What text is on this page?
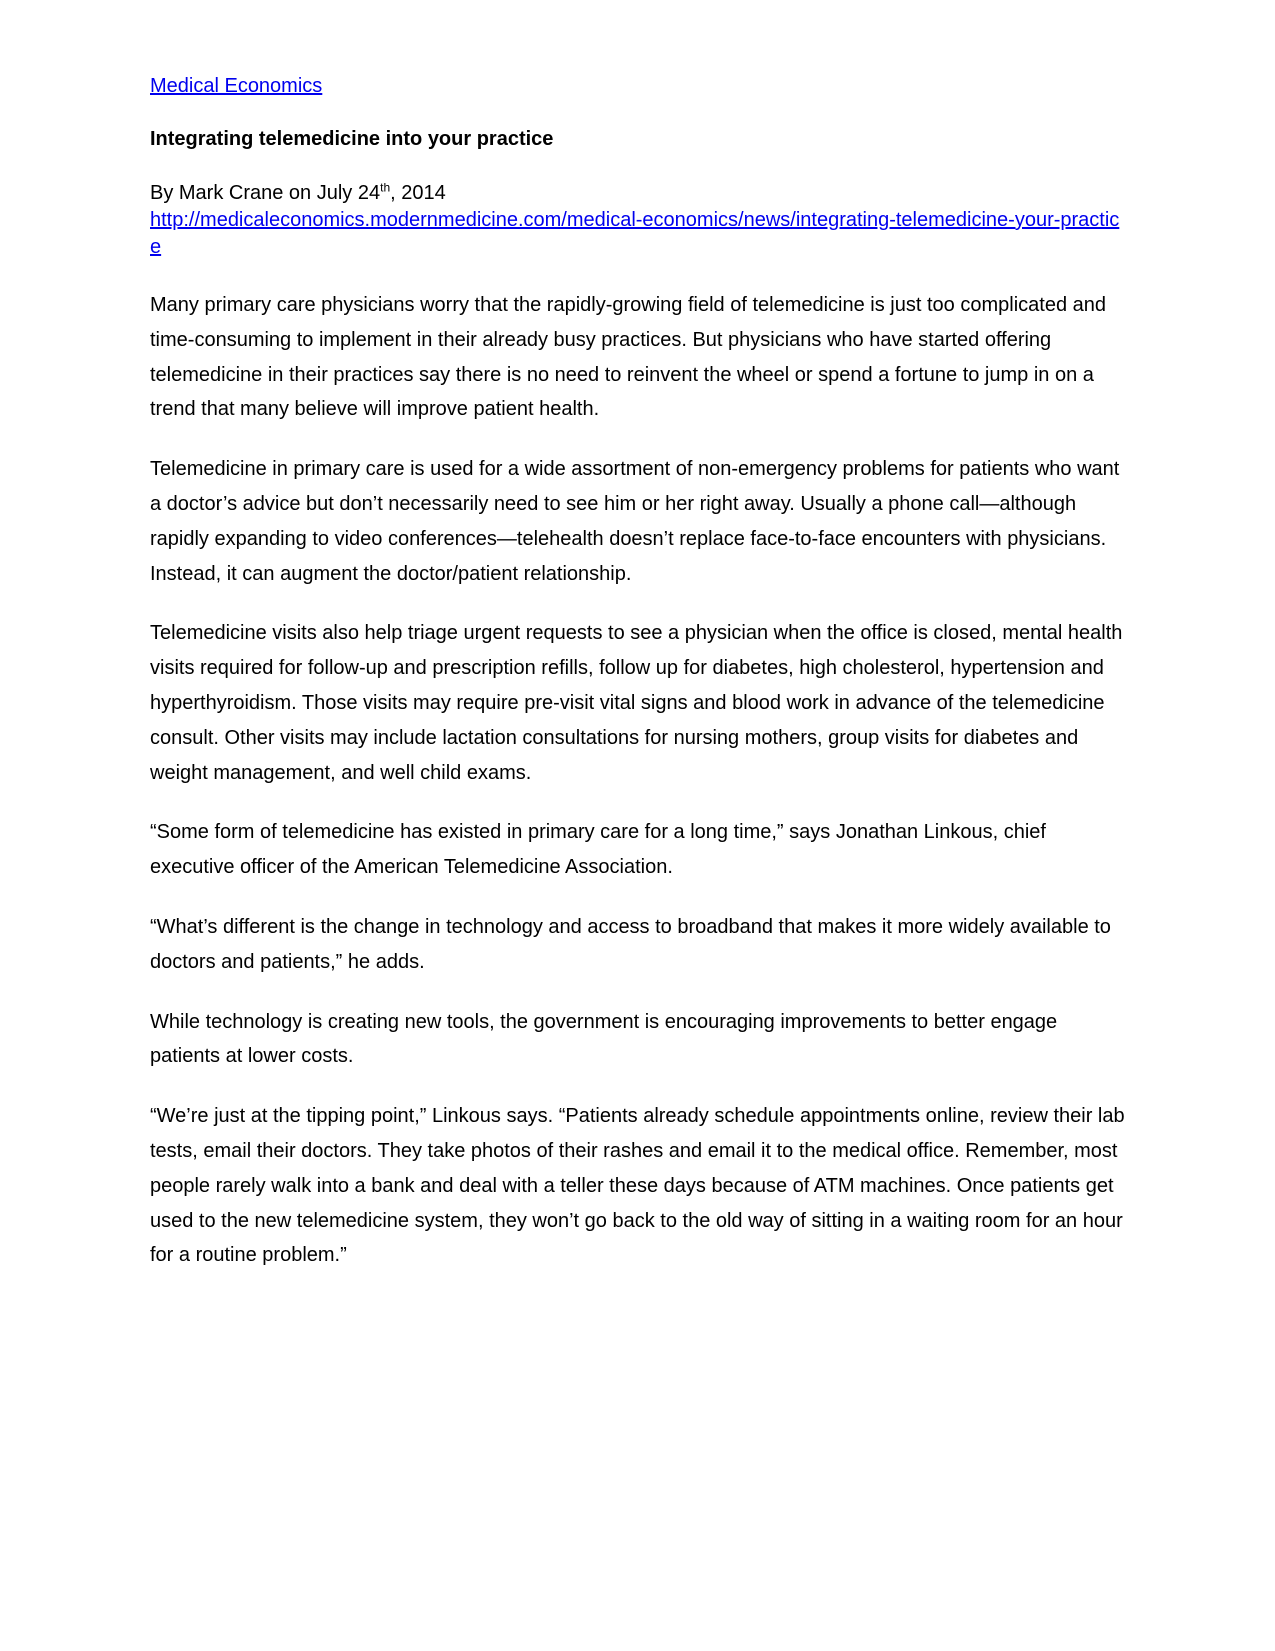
Medical Economics
Integrating telemedicine into your practice
By Mark Crane on July 24th, 2014
http://medicaleconomics.modernmedicine.com/medical-economics/news/integrating-telemedicine-your-practice

Many primary care physicians worry that the rapidly-growing field of telemedicine is just too complicated and time-consuming to implement in their already busy practices. But physicians who have started offering telemedicine in their practices say there is no need to reinvent the wheel or spend a fortune to jump in on a trend that many believe will improve patient health.

Telemedicine in primary care is used for a wide assortment of non-emergency problems for patients who want a doctor’s advice but don’t necessarily need to see him or her right away. Usually a phone call—although rapidly expanding to video conferences—telehealth doesn’t replace face-to-face encounters with physicians. Instead, it can augment the doctor/patient relationship.

Telemedicine visits also help triage urgent requests to see a physician when the office is closed, mental health visits required for follow-up and prescription refills, follow up for diabetes, high cholesterol, hypertension and hyperthyroidism. Those visits may require pre-visit vital signs and blood work in advance of the telemedicine consult. Other visits may include lactation consultations for nursing mothers, group visits for diabetes and weight management, and well child exams.

“Some form of telemedicine has existed in primary care for a long time,” says Jonathan Linkous, chief executive officer of the American Telemedicine Association.

“What’s different is the change in technology and access to broadband that makes it more widely available to doctors and patients,” he adds.

While technology is creating new tools, the government is encouraging improvements to better engage patients at lower costs.

“We’re just at the tipping point,” Linkous says. “Patients already schedule appointments online, review their lab tests, email their doctors. They take photos of their rashes and email it to the medical office. Remember, most people rarely walk into a bank and deal with a teller these days because of ATM machines. Once patients get used to the new telemedicine system, they won’t go back to the old way of sitting in a waiting room for an hour for a routine problem.”
